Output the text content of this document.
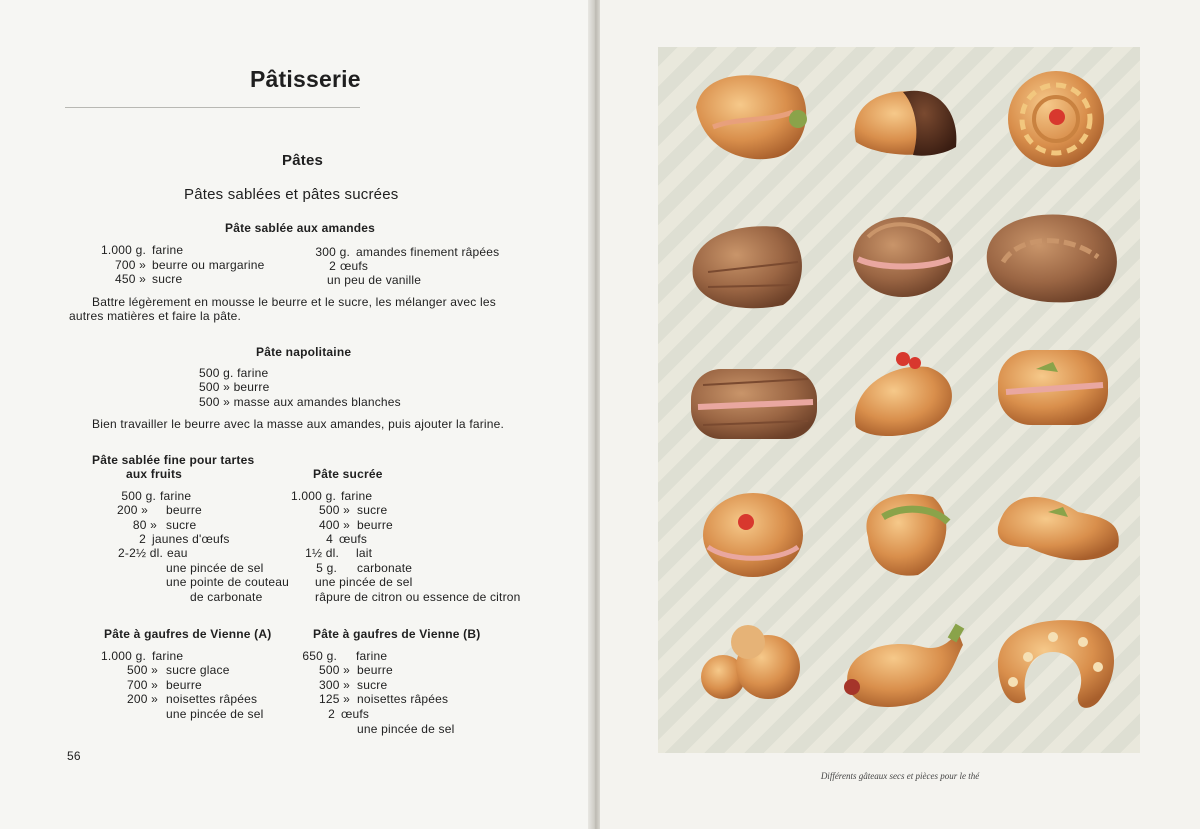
Pâtisserie
Pâtes
Pâtes sablées et pâtes sucrées
Pâte sablée aux amandes
1.000 g. farine
700 » beurre ou margarine
450 » sucre
300 g. amandes finement râpées
2 œufs
un peu de vanille
Battre légèrement en mousse le beurre et le sucre, les mélanger avec les
autres matières et faire la pâte.
Pâte napolitaine
500 g. farine
500 » beurre
500 » masse aux amandes blanches
Bien travailler le beurre avec la masse aux amandes, puis ajouter la farine.
Pâte sablée fine pour tartes
aux fruits
500 g. farine
200 » beurre
80 » sucre
2 jaunes d'œufs
2-2½ dl. eau
une pincée de sel
une pointe de couteau
de carbonate
Pâte sucrée
1.000 g. farine
500 » sucre
400 » beurre
4 œufs
1½ dl. lait
une pincée de sel
5 g. carbonate
râpure de citron ou essence de citron
Pâte à gaufres de Vienne (A)
1.000 g. farine
500 » sucre glace
700 » beurre
200 » noisettes râpées
une pincée de sel
Pâte à gaufres de Vienne (B)
650 g. farine
500 » beurre
300 » sucre
125 » noisettes râpées
2 œufs
une pincée de sel
56
Différents gâteaux secs et pièces pour le thé
